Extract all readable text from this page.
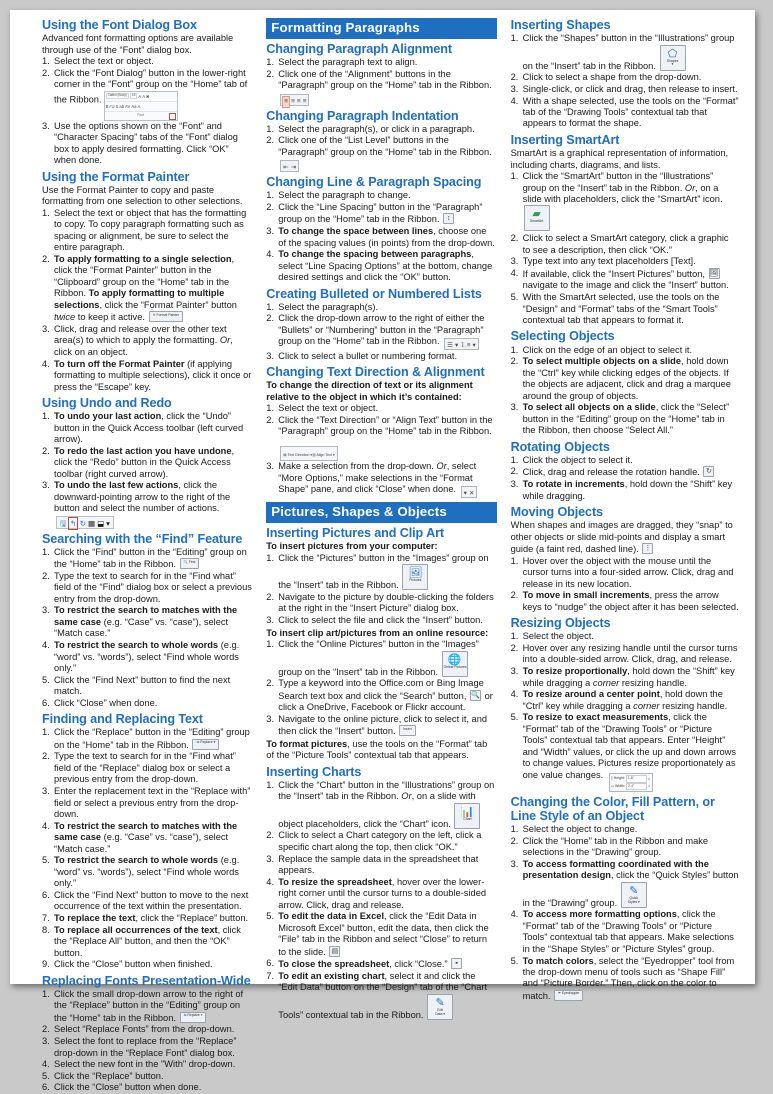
Using the Font Dialog Box

Advanced font formatting options are available through use of the “Font” dialog box.

Select the text or object.
Click the “Font Dialog” button in the lower-right corner in the “Font” group on the “Home” tab of the Ribbon.	Calibri (Body)	18 A A ✖
B I U S ab AV Aa A
Font
Use the options shown on the “Font” and “Character Spacing” tabs of the “Font” dialog box to apply desired formatting. Click “OK” when done.
Using the Format Painter

Use the Format Painter to copy and paste formatting from one selection to other selections.

Select the text or object that has the formatting to copy. To copy paragraph formatting such as spacing or alignment, be sure to select the entire paragraph.
To apply formatting to a single selection, click the “Format Painter” button in the “Clipboard” group on the “Home” tab in the Ribbon. To apply formatting to multiple selections, click the “Format Painter” button twice to keep it active. ❖ Format Painter
Click, drag and release over the other text area(s) to which to apply the formatting. Or, click on an object.
To turn off the Format Painter (if applying formatting to multiple selections), click it once or press the “Escape” key.
Using Undo and Redo
To undo your last action, click the “Undo” button in the Quick Access toolbar (left curved arrow).
To redo the last action you have undone, click the “Redo” button in the Quick Access toolbar (right curved arrow).
To undo the last few actions, click the downward-pointing arrow to the right of the button and select the number of actions. 🖫 ↰ ↻ ▦ ⬓ ▾
Searching with the “Find” Feature
Click the “Find” button in the “Editing” group on the “Home” tab in the Ribbon. 🔍 Find
Type the text to search for in the “Find what” field of the “Find” dialog box or select a previous entry from the drop-down.
To restrict the search to matches with the same case (e.g. “Case” vs. “case”), select “Match case.”
To restrict the search to whole words (e.g. “word” vs. “words”), select “Find whole words only.”
Click the “Find Next” button to find the next match.
Click “Close” when done.
Finding and Replacing Text
Click the “Replace” button in the “Editing” group on the “Home” tab in the Ribbon. ⇋ Replace ▾
Type the text to search for in the “Find what” field of the “Replace” dialog box or select a previous entry from the drop-down.
Enter the replacement text in the “Replace with” field or select a previous entry from the drop-down.
To restrict the search to matches with the same case (e.g. “Case” vs. “case”), select “Match case.”
To restrict the search to whole words (e.g. “word” vs. “words”), select “Find whole words only.”
Click the “Find Next” button to move to the next occurrence of the text within the presentation.
To replace the text, click the “Replace” button.
To replace all occurrences of the text, click the “Replace All” button, and then the “OK” button.
Click the “Close” button when finished.
Replacing Fonts Presentation-Wide
Click the small drop-down arrow to the right of the “Replace” button in the “Editing” group on the “Home” tab in the Ribbon. ⇋ Replace ▾
Select “Replace Fonts” from the drop-down.
Select the font to replace from the “Replace” drop-down in the “Replace Font” dialog box.
Select the new font in the "With" drop-down.
Click the “Replace” button.
Click the “Close” button when done.
Formatting Paragraphs
Changing Paragraph Alignment
Select the paragraph text to align.
Click one of the “Alignment” buttons in the “Paragraph” group on the “Home” tab in the Ribbon. ≡ ≡ ≡ ≡
Changing Paragraph Indentation
Select the paragraph(s), or click in a paragraph.
Click one of the “List Level” buttons in the “Paragraph” group on the “Home” tab in the Ribbon. ⇤ ⇥
Changing Line & Paragraph Spacing
Select the paragraph to change.
Click the “Line Spacing” button in the “Paragraph” group on the “Home” tab in the Ribbon.	↕
To change the space between lines, choose one of the spacing values (in points) from the drop-down.
To change the spacing between paragraphs, select “Line Spacing Options” at the bottom, change desired settings and click the “OK” button.
Creating Bulleted or Numbered Lists
Select the paragraph(s).
Click the drop-down arrow to the right of either the “Bullets” or “Numbering” button in the “Paragraph” group on the “Home” tab in the Ribbon. ☰ ▾ ⒈≡ ▾
Click to select a bullet or numbering format.
Changing Text Direction & Alignment

To change the direction of text or its alignment relative to the object in which it’s contained:

Select the text or object.
Click the “Text Direction” or “Align Text” button in the “Paragraph” group on the “Home” tab in the Ribbon. ▤ Text Direction ▾▥ Align Text ▾
Make a selection from the drop-down. Or, select “More Options,” make selections in the “Format Shape” pane, and click “Close” when done. ▾ ✕
Pictures, Shapes & Objects
Inserting Pictures and Clip Art

To insert pictures from your computer:

Click the “Pictures” button in the “Images” group on the “Insert” tab in the Ribbon.
🖼
Pictures
Navigate to the picture by double-clicking the folders at the right in the “Insert Picture” dialog box.
Click to select the file and click the “Insert” button.

To insert clip art/pictures from an online resource:

Click the “Online Pictures” button in the “Images” group on the “Insert” tab in the Ribbon.
🌐
Online Pictures
Type a keyword into the Office.com or Bing Image Search text box and click the “Search” button, 🔍 or click a OneDrive, Facebook or Flickr account.
Navigate to the online picture, click to select it, and then click the “Insert” button. Insert

To format pictures, use the tools on the “Format” tab of the “Picture Tools” contextual tab that appears.

Inserting Charts
Click the “Chart” button in the “Illustrations” group on the “Insert” tab in the Ribbon. Or, on a slide with object placeholders, click the “Chart” icon.
📊
Chart
Click to select a Chart category on the left, click a specific chart along the top, then click “OK.”
Replace the sample data in the spreadsheet that appears.
To resize the spreadsheet, hover over the lower-right corner until the cursor turns to a double-sided arrow. Click, drag and release.
To edit the data in Excel, click the “Edit Data in Microsoft Excel” button, edit the data, then click the “File” tab in the Ribbon and select “Close” to return to the slide. ▤
To close the spreadsheet, click “Close.” ▪
To edit an existing chart, select it and click the “Edit Data” button on the “Design” tab of the “Chart Tools” contextual tab in the Ribbon.
✎
Edit
Data ▾
Inserting Shapes
Click the “Shapes” button in the “Illustrations” group on the “Insert” tab in the Ribbon.
⬠
Shapes
▾
Click to select a shape from the drop-down.
Single-click, or click and drag, then release to insert.
With a shape selected, use the tools on the “Format” tab of the “Drawing Tools” contextual tab that appears to format the shape.
Inserting SmartArt

SmartArt is a graphical representation of information, including charts, diagrams, and lists.

Click the “SmartArt” button in the “Illustrations” group on the “Insert” tab in the Ribbon. Or, on a slide with placeholders, click the “SmartArt” icon.
▰
SmartArt
Click to select a SmartArt category, click a graphic to see a description, then click “OK.”
Type text into any text placeholders [Text].
If available, click the “Insert Pictures” button, 🖼
navigate to the image and click the “Insert” button.
With the SmartArt selected, use the tools on the “Design” and “Format” tabs of the “Smart Tools” contextual tab that appears to format it.
Selecting Objects
Click on the edge of an object to select it.
To select multiple objects on a slide, hold down the “Ctrl” key while clicking edges of the objects. If the objects are adjacent, click and drag a marquee around the group of objects.
To select all objects on a slide, click the “Select” button in the “Editing” group on the “Home” tab in the Ribbon, then choose “Select All.”
Rotating Objects
Click the object to select it.
Click, drag and release the rotation handle. ↻
To rotate in increments, hold down the “Shift” key while dragging.
Moving Objects

When shapes and images are dragged, they “snap” to other objects or slide mid-points and display a smart guide (a faint red, dashed line). ⋮

Hover over the object with the mouse until the cursor turns into a four-sided arrow. Click, drag and release in its new location.
To move in small increments, press the arrow keys to “nudge” the object after it has been selected.
Resizing Objects
Select the object.
Hover over any resizing handle until the cursor turns into a double-sided arrow. Click, drag, and release.
To resize proportionally, hold down the “Shift” key while dragging a corner resizing handle.
To resize around a center point, hold down the “Ctrl” key while dragging a corner resizing handle.
To resize to exact measurements, click the “Format” tab of the “Drawing Tools” or “Picture Tools” contextual tab that appears. Enter “Height” and “Width” values, or click the up and down arrows to change values. Pictures resize proportionately as one value changes. ▯ Height: 1.8"	⇕
▭ Width: 2.4"	⇕
Changing the Color, Fill Pattern, or Line Style of an Object
Select the object to change.
Click the “Home” tab in the Ribbon and make selections in the “Drawing” group.
To access formatting coordinated with the presentation design, click the “Quick Styles” button in the “Drawing” group.
✎
Quick
Styles ▾
To access more formatting options, click the “Format” tab of the “Drawing Tools” or “Picture Tools” contextual tab that appears. Make selections in the “Shape Styles” or “Picture Styles” group.
To match colors, select the “Eyedropper” tool from the drop-down menu of tools such as “Shape Fill” and “Picture Border.” Then, click on the color to match. ✒ Eyedropper
